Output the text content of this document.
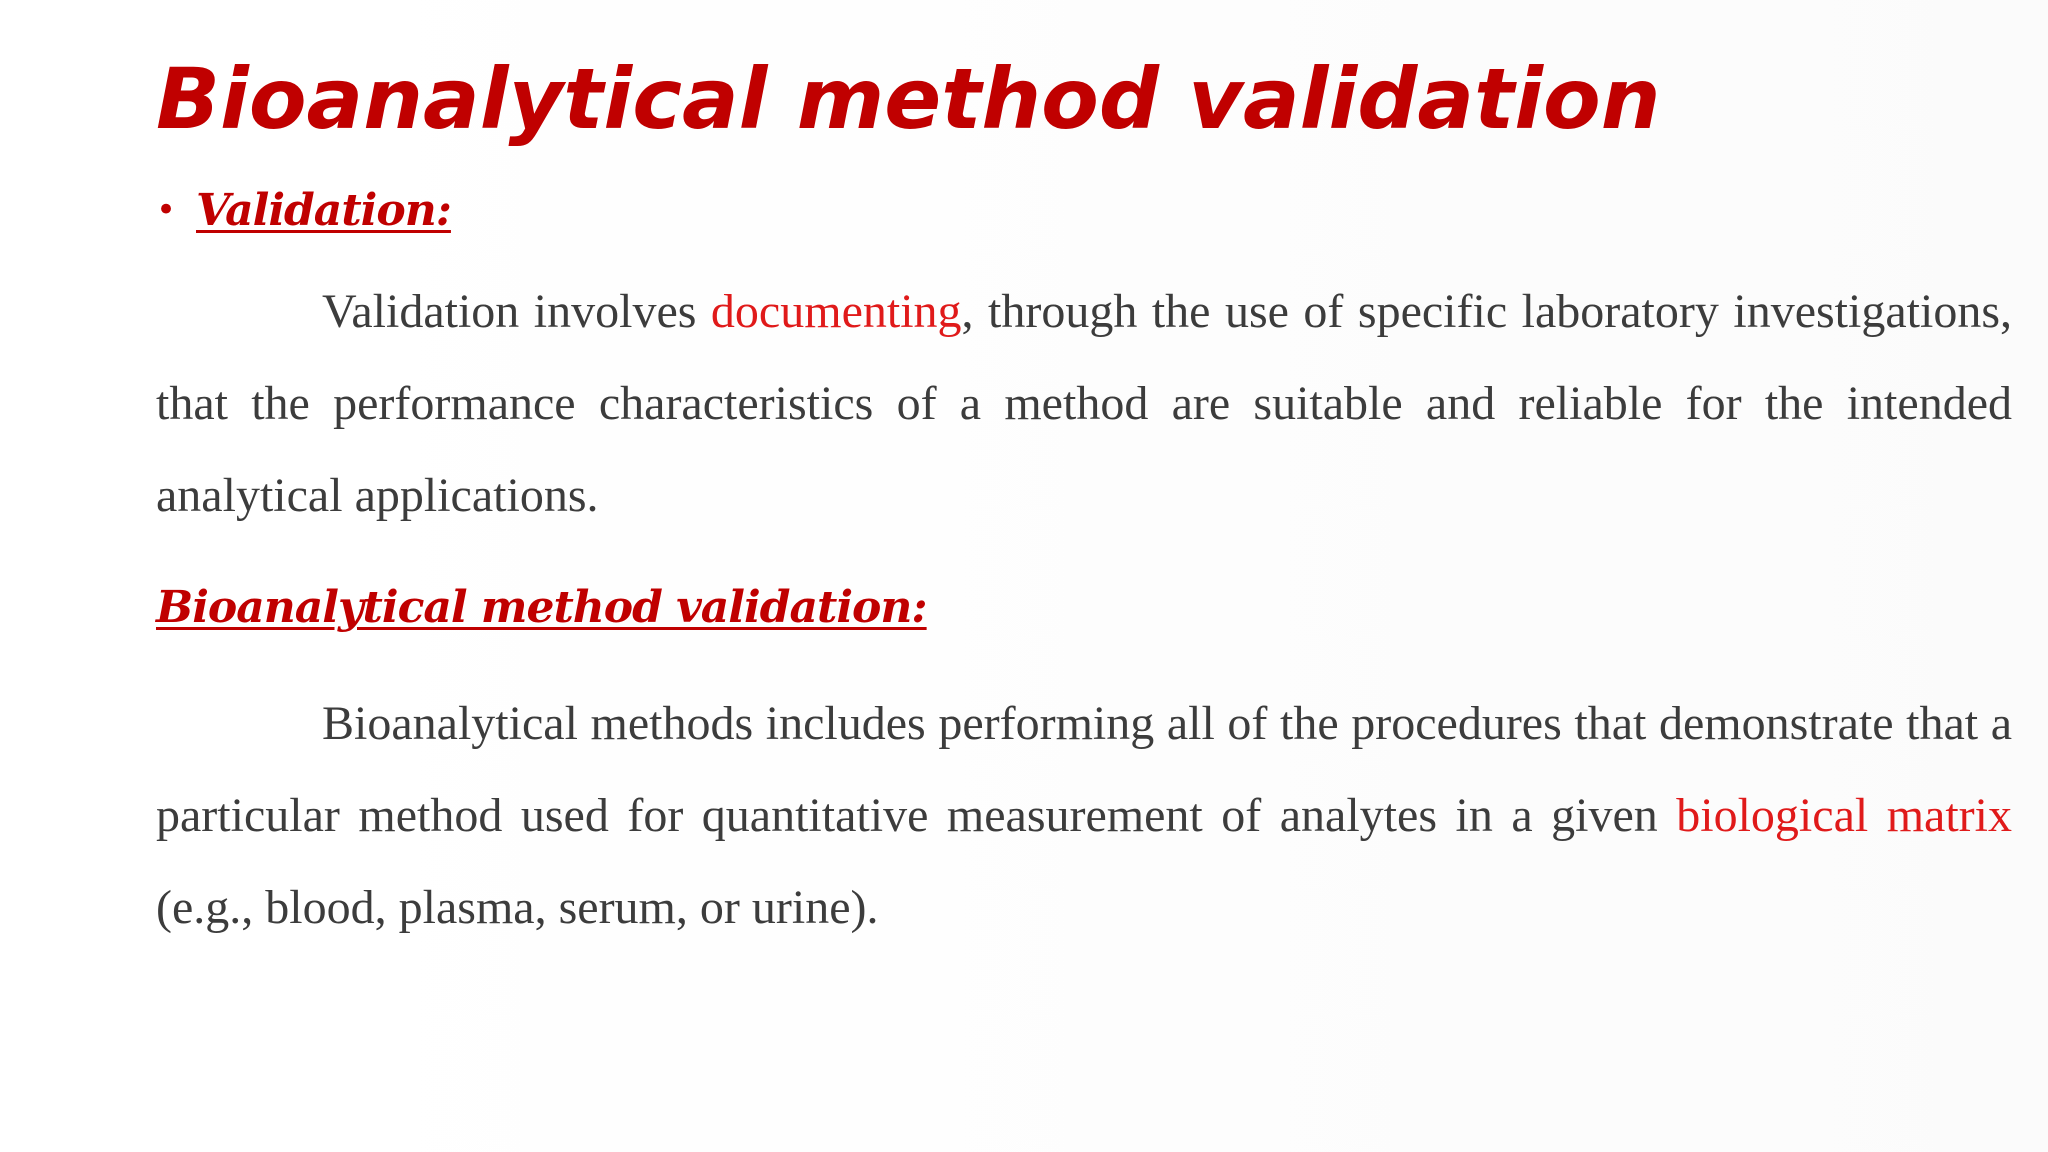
Bioanalytical method validation
• Validation:

Validation involves documenting, through the use of specific laboratory investigations, that the performance characteristics of a method are suitable and reliable for the intended analytical applications.

Bioanalytical method validation:

Bioanalytical methods includes performing all of the procedures that demonstrate that a particular method used for quantitative measurement of analytes in a given biological matrix (e.g., blood, plasma, serum, or urine).
